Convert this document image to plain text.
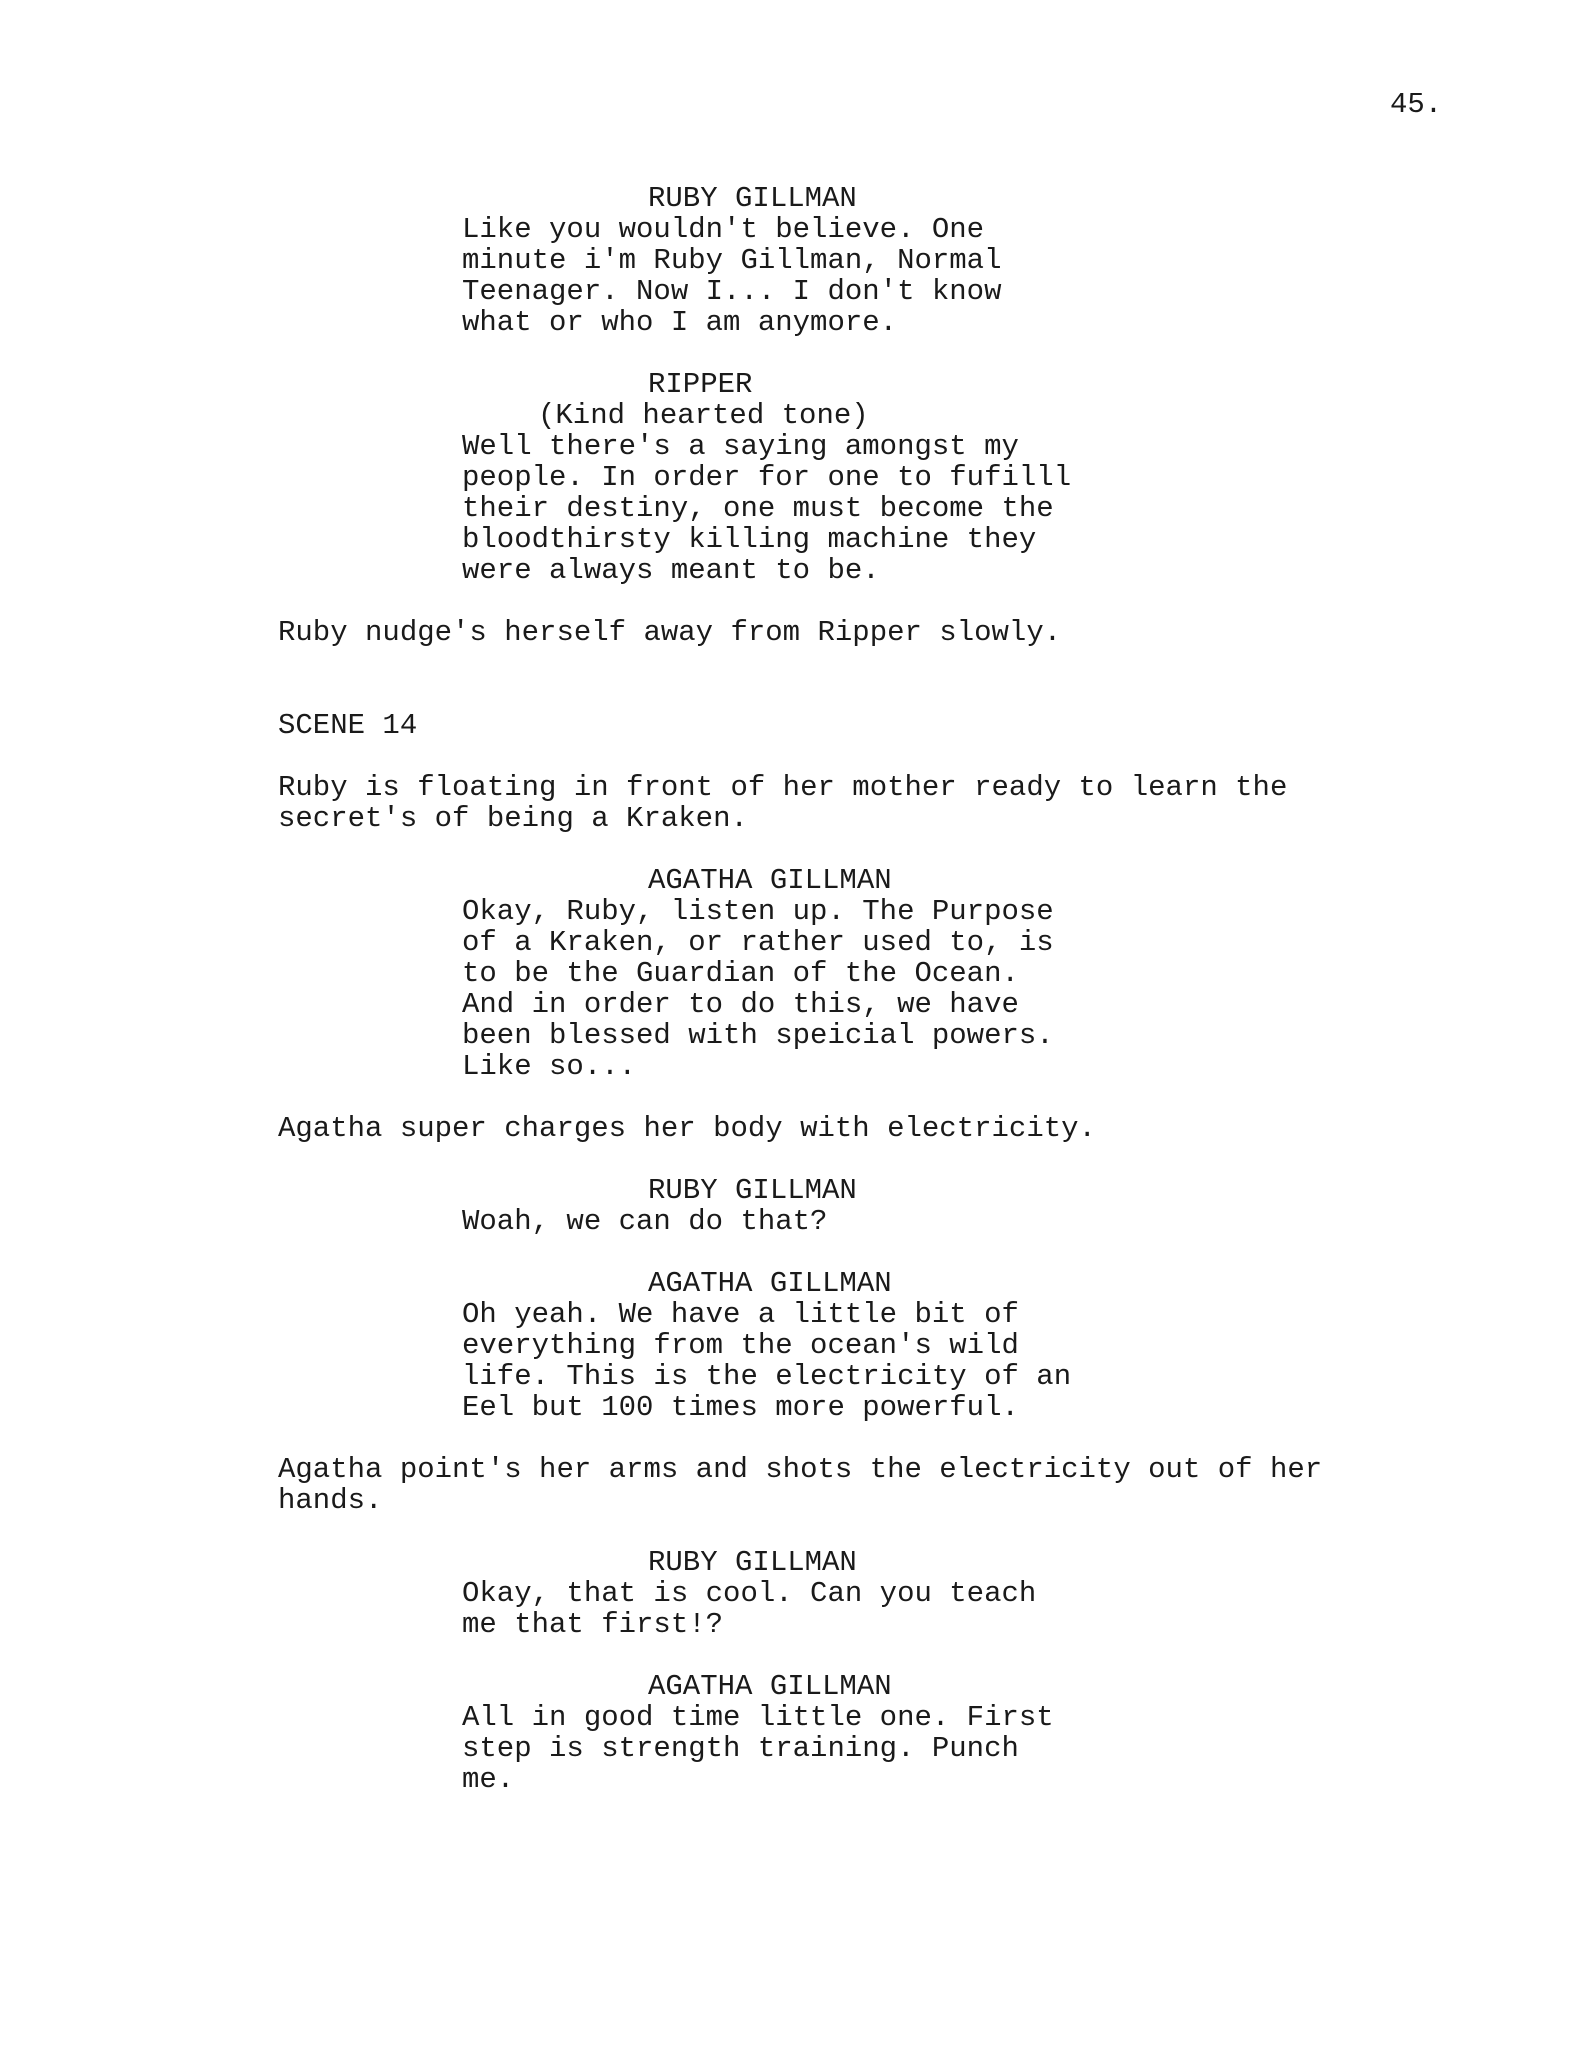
45.
RUBY GILLMAN
Like you wouldn't believe. One
minute i'm Ruby Gillman, Normal
Teenager. Now I... I don't know
what or who I am anymore.
RIPPER
(Kind hearted tone)
Well there's a saying amongst my
people. In order for one to fufilll
their destiny, one must become the
bloodthirsty killing machine they
were always meant to be.
Ruby nudge's herself away from Ripper slowly.
SCENE 14
Ruby is floating in front of her mother ready to learn the
secret's of being a Kraken.
AGATHA GILLMAN
Okay, Ruby, listen up. The Purpose
of a Kraken, or rather used to, is
to be the Guardian of the Ocean.
And in order to do this, we have
been blessed with speicial powers.
Like so...
Agatha super charges her body with electricity.
RUBY GILLMAN
Woah, we can do that?
AGATHA GILLMAN
Oh yeah. We have a little bit of
everything from the ocean's wild
life. This is the electricity of an
Eel but 100 times more powerful.
Agatha point's her arms and shots the electricity out of her
hands.
RUBY GILLMAN
Okay, that is cool. Can you teach
me that first!?
AGATHA GILLMAN
All in good time little one. First
step is strength training. Punch
me.
